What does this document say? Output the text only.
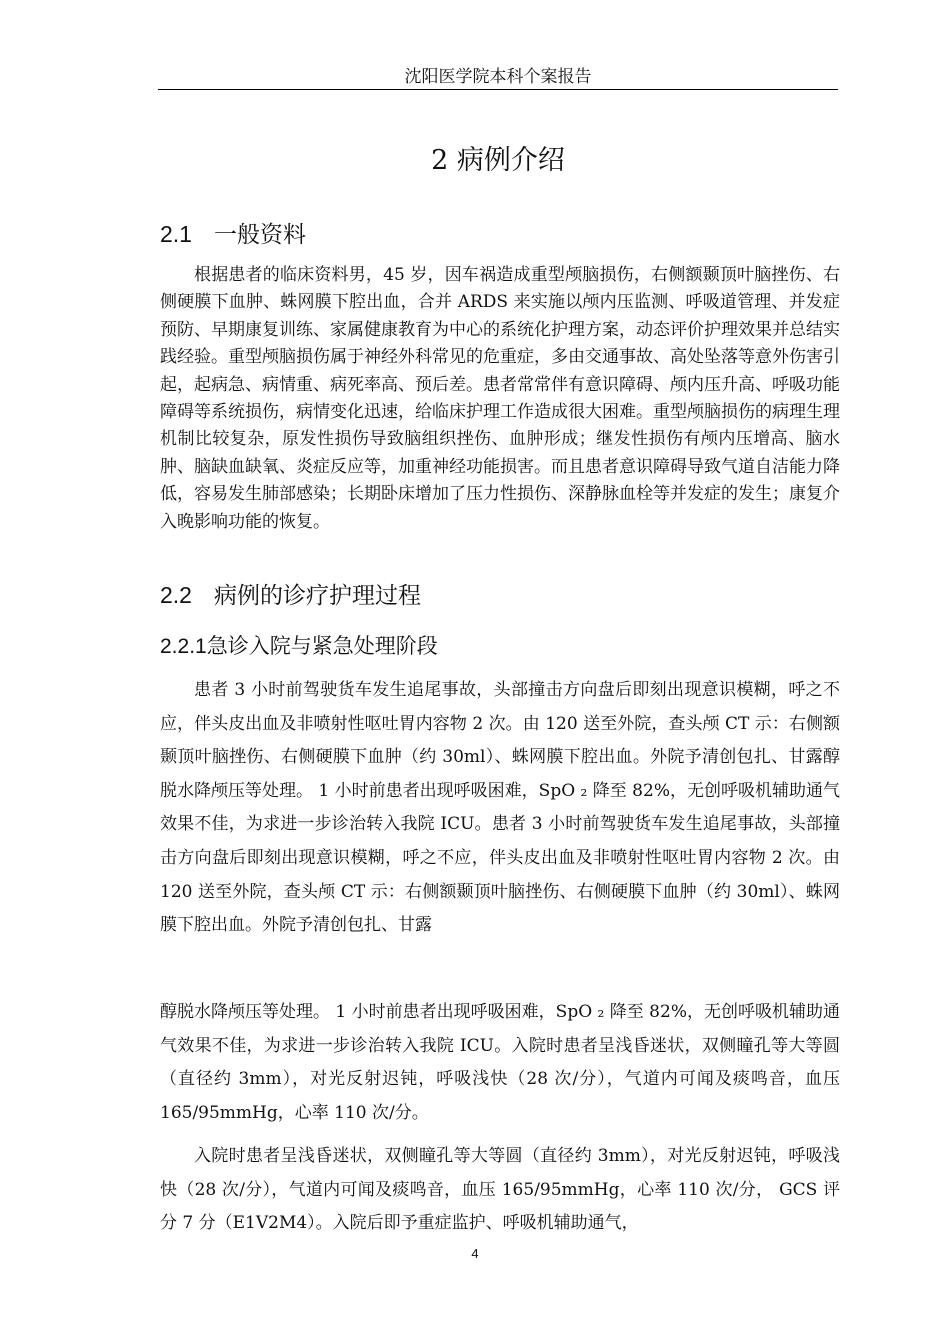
沈阳医学院本科个案报告
2 病例介绍
2.1 一般资料

根据患者的临床资料男，45 岁，因车祸造成重型颅脑损伤，右侧额颞顶叶脑挫伤、右侧硬膜下血肿、蛛网膜下腔出血，合并 ARDS 来实施以颅内压监测、呼吸道管理、并发症预防、早期康复训练、家属健康教育为中心的系统化护理方案，动态评价护理效果并总结实践经验。重型颅脑损伤属于神经外科常见的危重症，多由交通事故、高处坠落等意外伤害引起，起病急、病情重、病死率高、预后差。患者常常伴有意识障碍、颅内压升高、呼吸功能障碍等系统损伤，病情变化迅速，给临床护理工作造成很大困难。重型颅脑损伤的病理生理机制比较复杂，原发性损伤导致脑组织挫伤、血肿形成；继发性损伤有颅内压增高、脑水肿、脑缺血缺氧、炎症反应等，加重神经功能损害。而且患者意识障碍导致气道自洁能力降低，容易发生肺部感染；长期卧床增加了压力性损伤、深静脉血栓等并发症的发生；康复介入晚影响功能的恢复。

2.2 病例的诊疗护理过程
2.2.1急诊入院与紧急处理阶段

患者 3 小时前驾驶货车发生追尾事故，头部撞击方向盘后即刻出现意识模糊，呼之不应，伴头皮出血及非喷射性呕吐胃内容物 2 次。由 120 送至外院，查头颅 CT 示：右侧额颞顶叶脑挫伤、右侧硬膜下血肿（约 30ml）、蛛网膜下腔出血。外院予清创包扎、甘露醇脱水降颅压等处理。 1 小时前患者出现呼吸困难，SpO ₂ 降至 82%，无创呼吸机辅助通气效果不佳，为求进一步诊治转入我院 ICU。患者 3 小时前驾驶货车发生追尾事故，头部撞击方向盘后即刻出现意识模糊，呼之不应，伴头皮出血及非喷射性呕吐胃内容物 2 次。由 120 送至外院，查头颅 CT 示：右侧额颞顶叶脑挫伤、右侧硬膜下血肿（约 30ml）、蛛网膜下腔出血。外院予清创包扎、甘露

醇脱水降颅压等处理。 1 小时前患者出现呼吸困难，SpO ₂ 降至 82%，无创呼吸机辅助通气效果不佳，为求进一步诊治转入我院 ICU。入院时患者呈浅昏迷状，双侧瞳孔等大等圆（直径约 3mm），对光反射迟钝，呼吸浅快（28 次/分），气道内可闻及痰鸣音，血压 165/95mmHg，心率 110 次/分。

入院时患者呈浅昏迷状，双侧瞳孔等大等圆（直径约 3mm），对光反射迟钝，呼吸浅快（28 次/分），气道内可闻及痰鸣音，血压 165/95mmHg，心率 110 次/分， GCS 评分 7 分（E1V2M4）。入院后即予重症监护、呼吸机辅助通气，

4
